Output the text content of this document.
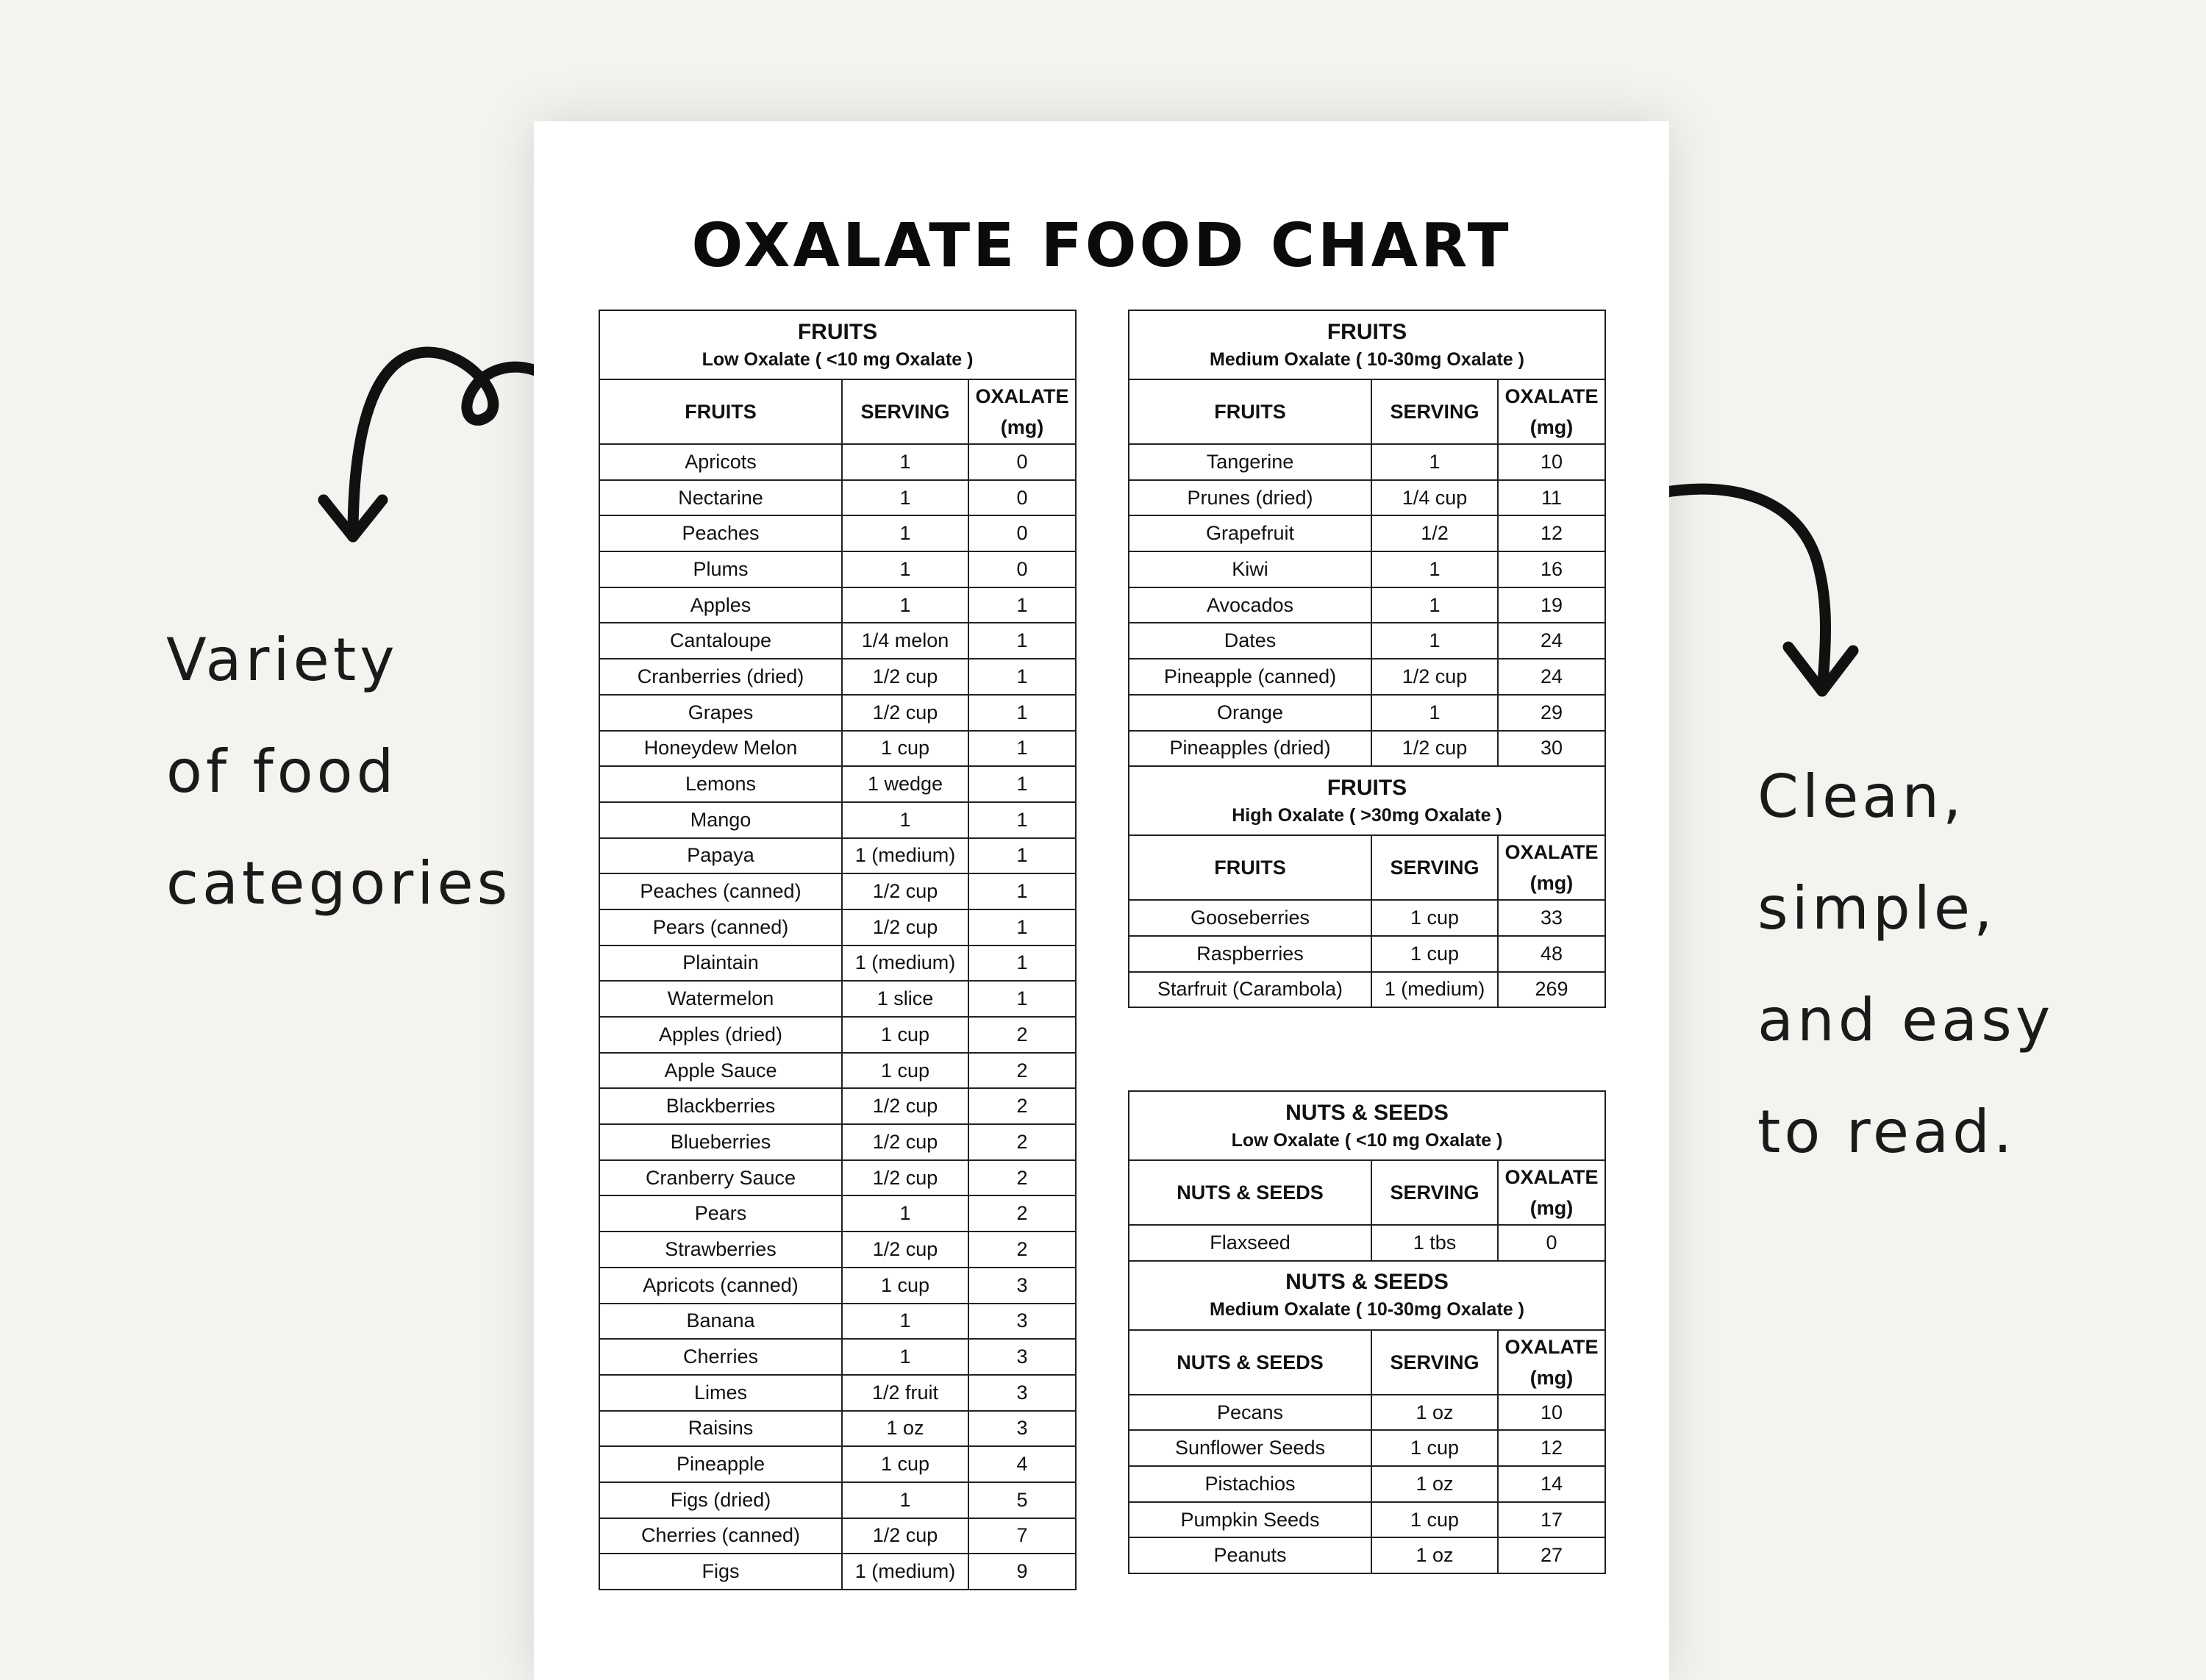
Variety
of food
categories
Clean,
simple,
and easy
to read.
OXALATE FOOD CHART
FRUITS
Low Oxalate ( <10 mg Oxalate )		

FRUITS	SERVING	OXALATE
(mg)
Apricots	1	0
Nectarine	1	0
Peaches	1	0
Plums	1	0
Apples	1	1
Cantaloupe	1/4 melon	1
Cranberries (dried)	1/2 cup	1
Grapes	1/2 cup	1
Honeydew Melon	1 cup	1
Lemons	1 wedge	1
Mango	1	1
Papaya	1 (medium)	1
Peaches (canned)	1/2 cup	1
Pears (canned)	1/2 cup	1
Plaintain	1 (medium)	1
Watermelon	1 slice	1
Apples (dried)	1 cup	2
Apple Sauce	1 cup	2
Blackberries	1/2 cup	2
Blueberries	1/2 cup	2
Cranberry Sauce	1/2 cup	2
Pears	1	2
Strawberries	1/2 cup	2
Apricots (canned)	1 cup	3
Banana	1	3
Cherries	1	3
Limes	1/2 fruit	3
Raisins	1 oz	3
Pineapple	1 cup	4
Figs (dried)	1	5
Cherries (canned)	1/2 cup	7
Figs	1 (medium)	9
FRUITS
Medium Oxalate ( 10-30mg Oxalate )		

FRUITS	SERVING	OXALATE
(mg)
Tangerine	1	10
Prunes (dried)	1/4 cup	11
Grapefruit	1/2	12
Kiwi	1	16
Avocados	1	19
Dates	1	24
Pineapple (canned)	1/2 cup	24
Orange	1	29
Pineapples (dried)	1/2 cup	30

FRUITS
High Oxalate ( >30mg Oxalate )		

FRUITS	SERVING	OXALATE
(mg)
Gooseberries	1 cup	33
Raspberries	1 cup	48
Starfruit (Carambola)	1 (medium)	269
NUTS & SEEDS
Low Oxalate ( <10 mg Oxalate )		

NUTS & SEEDS	SERVING	OXALATE
(mg)
Flaxseed	1 tbs	0

NUTS & SEEDS
Medium Oxalate ( 10-30mg Oxalate )		

NUTS & SEEDS	SERVING	OXALATE
(mg)
Pecans	1 oz	10
Sunflower Seeds	1 cup	12
Pistachios	1 oz	14
Pumpkin Seeds	1 cup	17
Peanuts	1 oz	27
